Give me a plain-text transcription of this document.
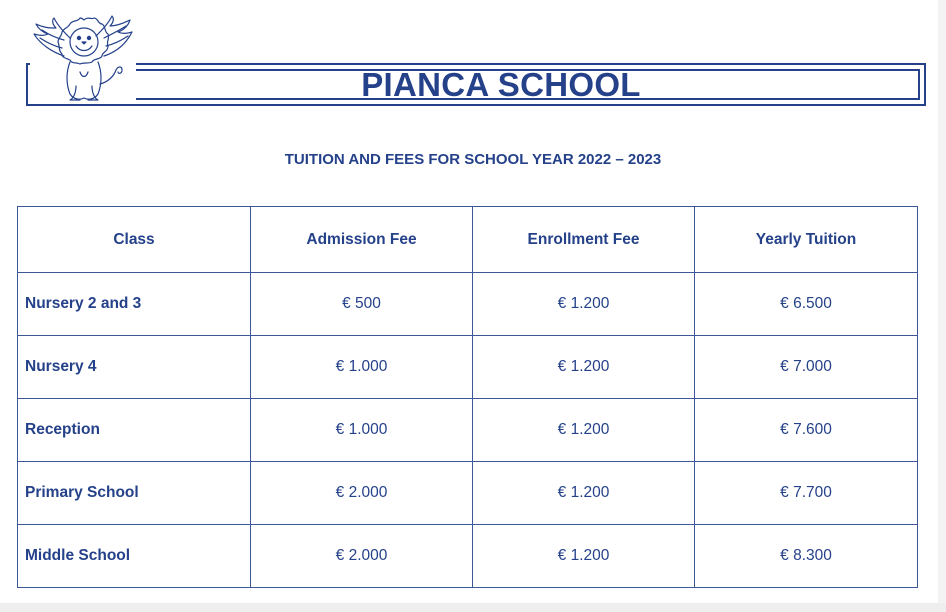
PIANCA SCHOOL
TUITION AND FEES FOR SCHOOL YEAR 2022 – 2023
Class	Admission Fee	Enrollment Fee	Yearly Tuition
Nursery 2 and 3	€ 500	€ 1.200	€ 6.500
Nursery 4	€ 1.000	€ 1.200	€ 7.000
Reception	€ 1.000	€ 1.200	€ 7.600
Primary School	€ 2.000	€ 1.200	€ 7.700
Middle School	€ 2.000	€ 1.200	€ 8.300
